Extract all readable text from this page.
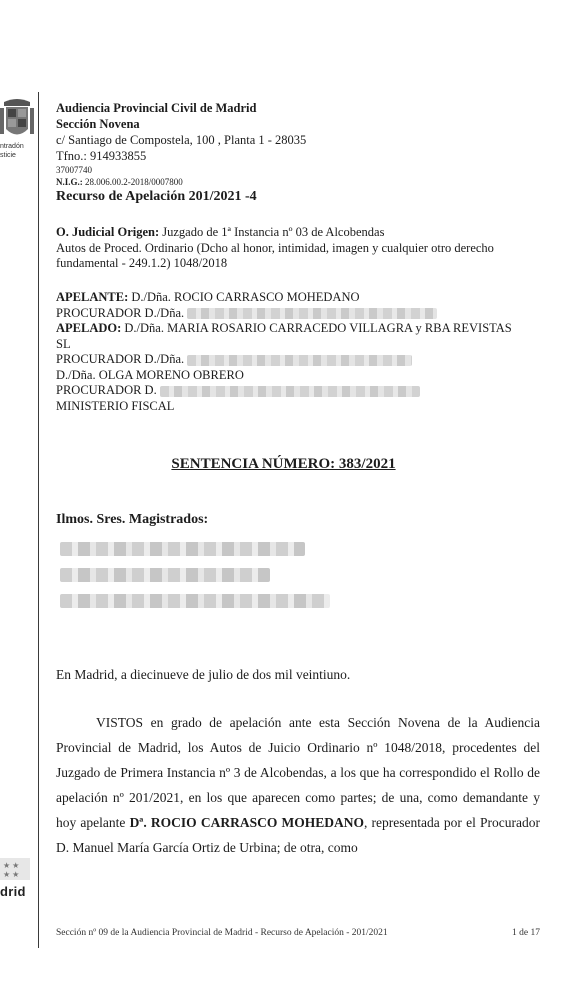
ntradón
sticie
★ ★
★ ★
drid
Audiencia Provincial Civil de Madrid
Sección Novena
c/ Santiago de Compostela, 100 , Planta 1 - 28035
Tfno.: 914933855
37007740
N.I.G.: 28.006.00.2-2018/0007800
Recurso de Apelación 201/2021 -4
O. Judicial Origen: Juzgado de 1ª Instancia nº 03 de Alcobendas
Autos de Proced. Ordinario (Dcho al honor, intimidad, imagen y cualquier otro derecho
fundamental - 249.1.2) 1048/2018
APELANTE: D./Dña. ROCIO CARRASCO MOHEDANO
PROCURADOR D./Dña.
APELADO: D./Dña. MARIA ROSARIO CARRACEDO VILLAGRA y RBA REVISTAS
SL
PROCURADOR D./Dña.
D./Dña. OLGA MORENO OBRERO
PROCURADOR D.
MINISTERIO FISCAL
SENTENCIA NÚMERO: 383/2021
Ilmos. Sres. Magistrados:
En Madrid, a diecinueve de julio de dos mil veintiuno.

VISTOS en grado de apelación ante esta Sección Novena de la Audiencia Provincial de Madrid, los Autos de Juicio Ordinario nº 1048/2018, procedentes del Juzgado de Primera Instancia nº 3 de Alcobendas, a los que ha correspondido el Rollo de apelación nº 201/2021, en los que aparecen como partes; de una, como demandante y hoy apelante Dª. ROCIO CARRASCO MOHEDANO, representada por el Procurador D. Manuel María García Ortiz de Urbina; de otra, como

Sección nº 09 de la Audiencia Provincial de Madrid - Recurso de Apelación - 201/2021	1 de 17
